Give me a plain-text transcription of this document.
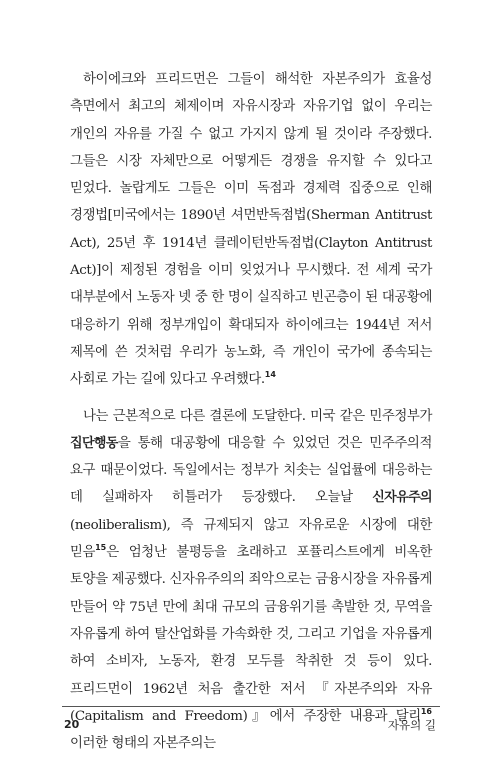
하이에크와 프리드먼은 그들이 해석한 자본주의가 효율성 측면에서 최고의 체제이며 자유시장과 자유기업 없이 우리는 개인의 자유를 가질 수 없고 가지지 않게 될 것이라 주장했다. 그들은 시장 자체만으로 어떻게든 경쟁을 유지할 수 있다고 믿었다. 놀랍게도 그들은 이미 독점과 경제력 집중으로 인해 경쟁법[미국에서는 1890년 셔먼반독점법(Sherman Antitrust Act), 25년 후 1914년 클레이턴반독점법(Clayton Antitrust Act)]이 제정된 경험을 이미 잊었거나 무시했다. 전 세계 국가 대부분에서 노동자 넷 중 한 명이 실직하고 빈곤층이 된 대공황에 대응하기 위해 정부개입이 확대되자 하이에크는 1944년 저서 제목에 쓴 것처럼 우리가 농노화, 즉 개인이 국가에 종속되는 사회로 가는 길에 있다고 우려했다.$^{14}$

나는 근본적으로 다른 결론에 도달한다. 미국 같은 민주정부가 집단행동을 통해 대공황에 대응할 수 있었던 것은 민주주의적 요구 때문이었다. 독일에서는 정부가 치솟는 실업률에 대응하는 데 실패하자 히틀러가 등장했다. 오늘날 신자유주의(neoliberalism), 즉 규제되지 않고 자유로운 시장에 대한 믿음$^{15}$은 엄청난 불평등을 초래하고 포퓰리스트에게 비옥한 토양을 제공했다. 신자유주의의 죄악으로는 금융시장을 자유롭게 만들어 약 75년 만에 최대 규모의 금융위기를 촉발한 것, 무역을 자유롭게 하여 탈산업화를 가속화한 것, 그리고 기업을 자유롭게 하여 소비자, 노동자, 환경 모두를 착취한 것 등이 있다. 프리드먼이 1962년 처음 출간한 저서 『자본주의와 자유(Capitalism and Freedom)』에서 주장한 내용과 달리$^{16}$ 이러한 형태의 자본주의는

20	자유의 길
